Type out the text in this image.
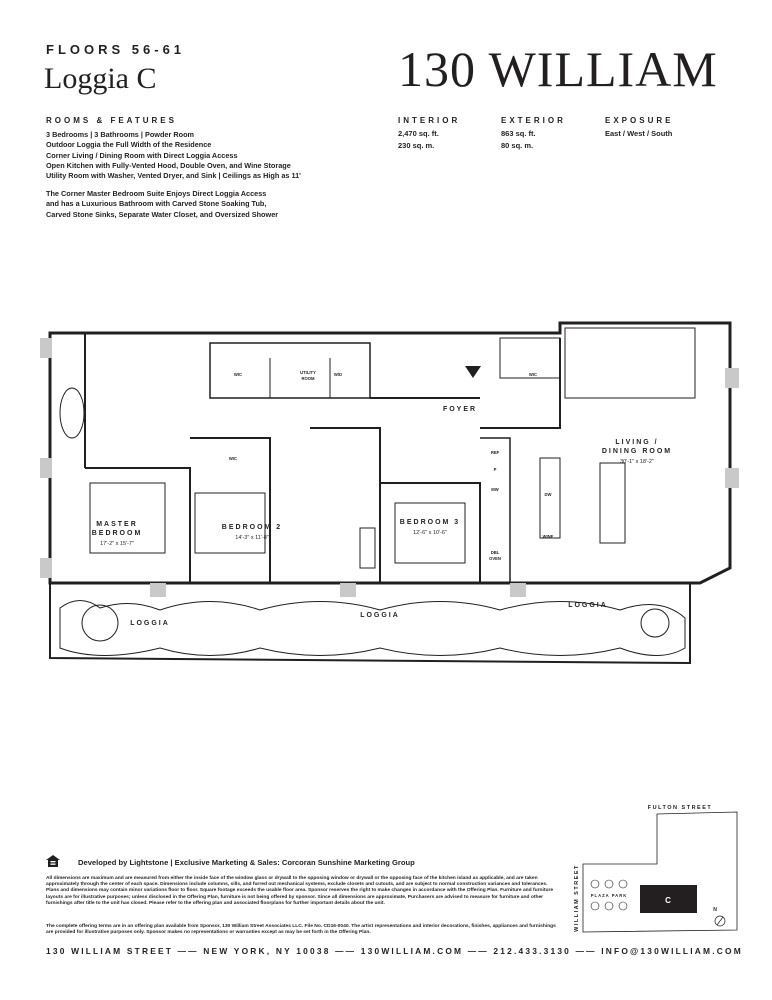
FLOORS 56-61
Loggia C	130 WILLIAM
ROOMS & FEATURES
3 Bedrooms | 3 Bathrooms | Powder Room
Outdoor Loggia the Full Width of the Residence
Corner Living / Dining Room with Direct Loggia Access
Open Kitchen with Fully-Vented Hood, Double Oven, and Wine Storage
Utility Room with Washer, Vented Dryer, and Sink | Ceilings as High as 11'
The Corner Master Bedroom Suite Enjoys Direct Loggia Access
and has a Luxurious Bathroom with Carved Stone Soaking Tub,
Carved Stone Sinks, Separate Water Closet, and Oversized Shower
INTERIOR
2,470 sq. ft.
230 sq. m.
EXTERIOR
863 sq. ft.
80 sq. m.
EXPOSURE
East / West / South
FOYER
LIVING /
DINING ROOM
30'-1" x 18'-2"
MASTER
BEDROOM
17'-2" x 15'-7"
BEDROOM 2
14'-3" x 11'-8"
BEDROOM 3
12'-6" x 10'-6"
LOGGIA
LOGGIA
LOGGIA
WIC	UTILITY
ROOM
W/D	WIC
WIC
REF
P
MW
DW
WINE
DBL
OVEN
Developed by Lightstone | Exclusive Marketing & Sales: Corcoran Sunshine Marketing Group
All dimensions are maximum and are measured from either the inside face of the window glass or drywall to the opposing window or drywall or the opposing face of the kitchen island as applicable, and are taken approximately through the center of each space. Dimensions include columns, sills, and furred out mechanical systems, exclude closets and cutouts, and are subject to normal construction variances and tolerances. Plans and dimensions may contain minor variations floor to floor. Square footage exceeds the usable floor area. Sponsor reserves the right to make changes in accordance with the Offering Plan. Furniture and furniture layouts are for illustrative purposes; unless disclosed in the Offering Plan, furniture is not being offered by sponsor. Since all dimensions are approximate, Purchasers are advised to measure for furniture and other furnishings after title to the unit has closed. Please refer to the offering plan and associated floorplans for further important details about the unit.
The complete offering terms are in an offering plan available from Sponsor, 130 William Street Associates LLC. File No. CD16-0040. The artist representations and interior decorations, finishes, appliances and furnishings are provided for illustrative purposes only. Sponsor makes no representations or warranties except as may be set forth in the Offering Plan.
FULTON STREET
WILLIAM STREET	C
PLAZA PARK
N
130 WILLIAM STREET —— NEW YORK, NY 10038 —— 130WILLIAM.COM —— 212.433.3130 —— INFO@130WILLIAM.COM
